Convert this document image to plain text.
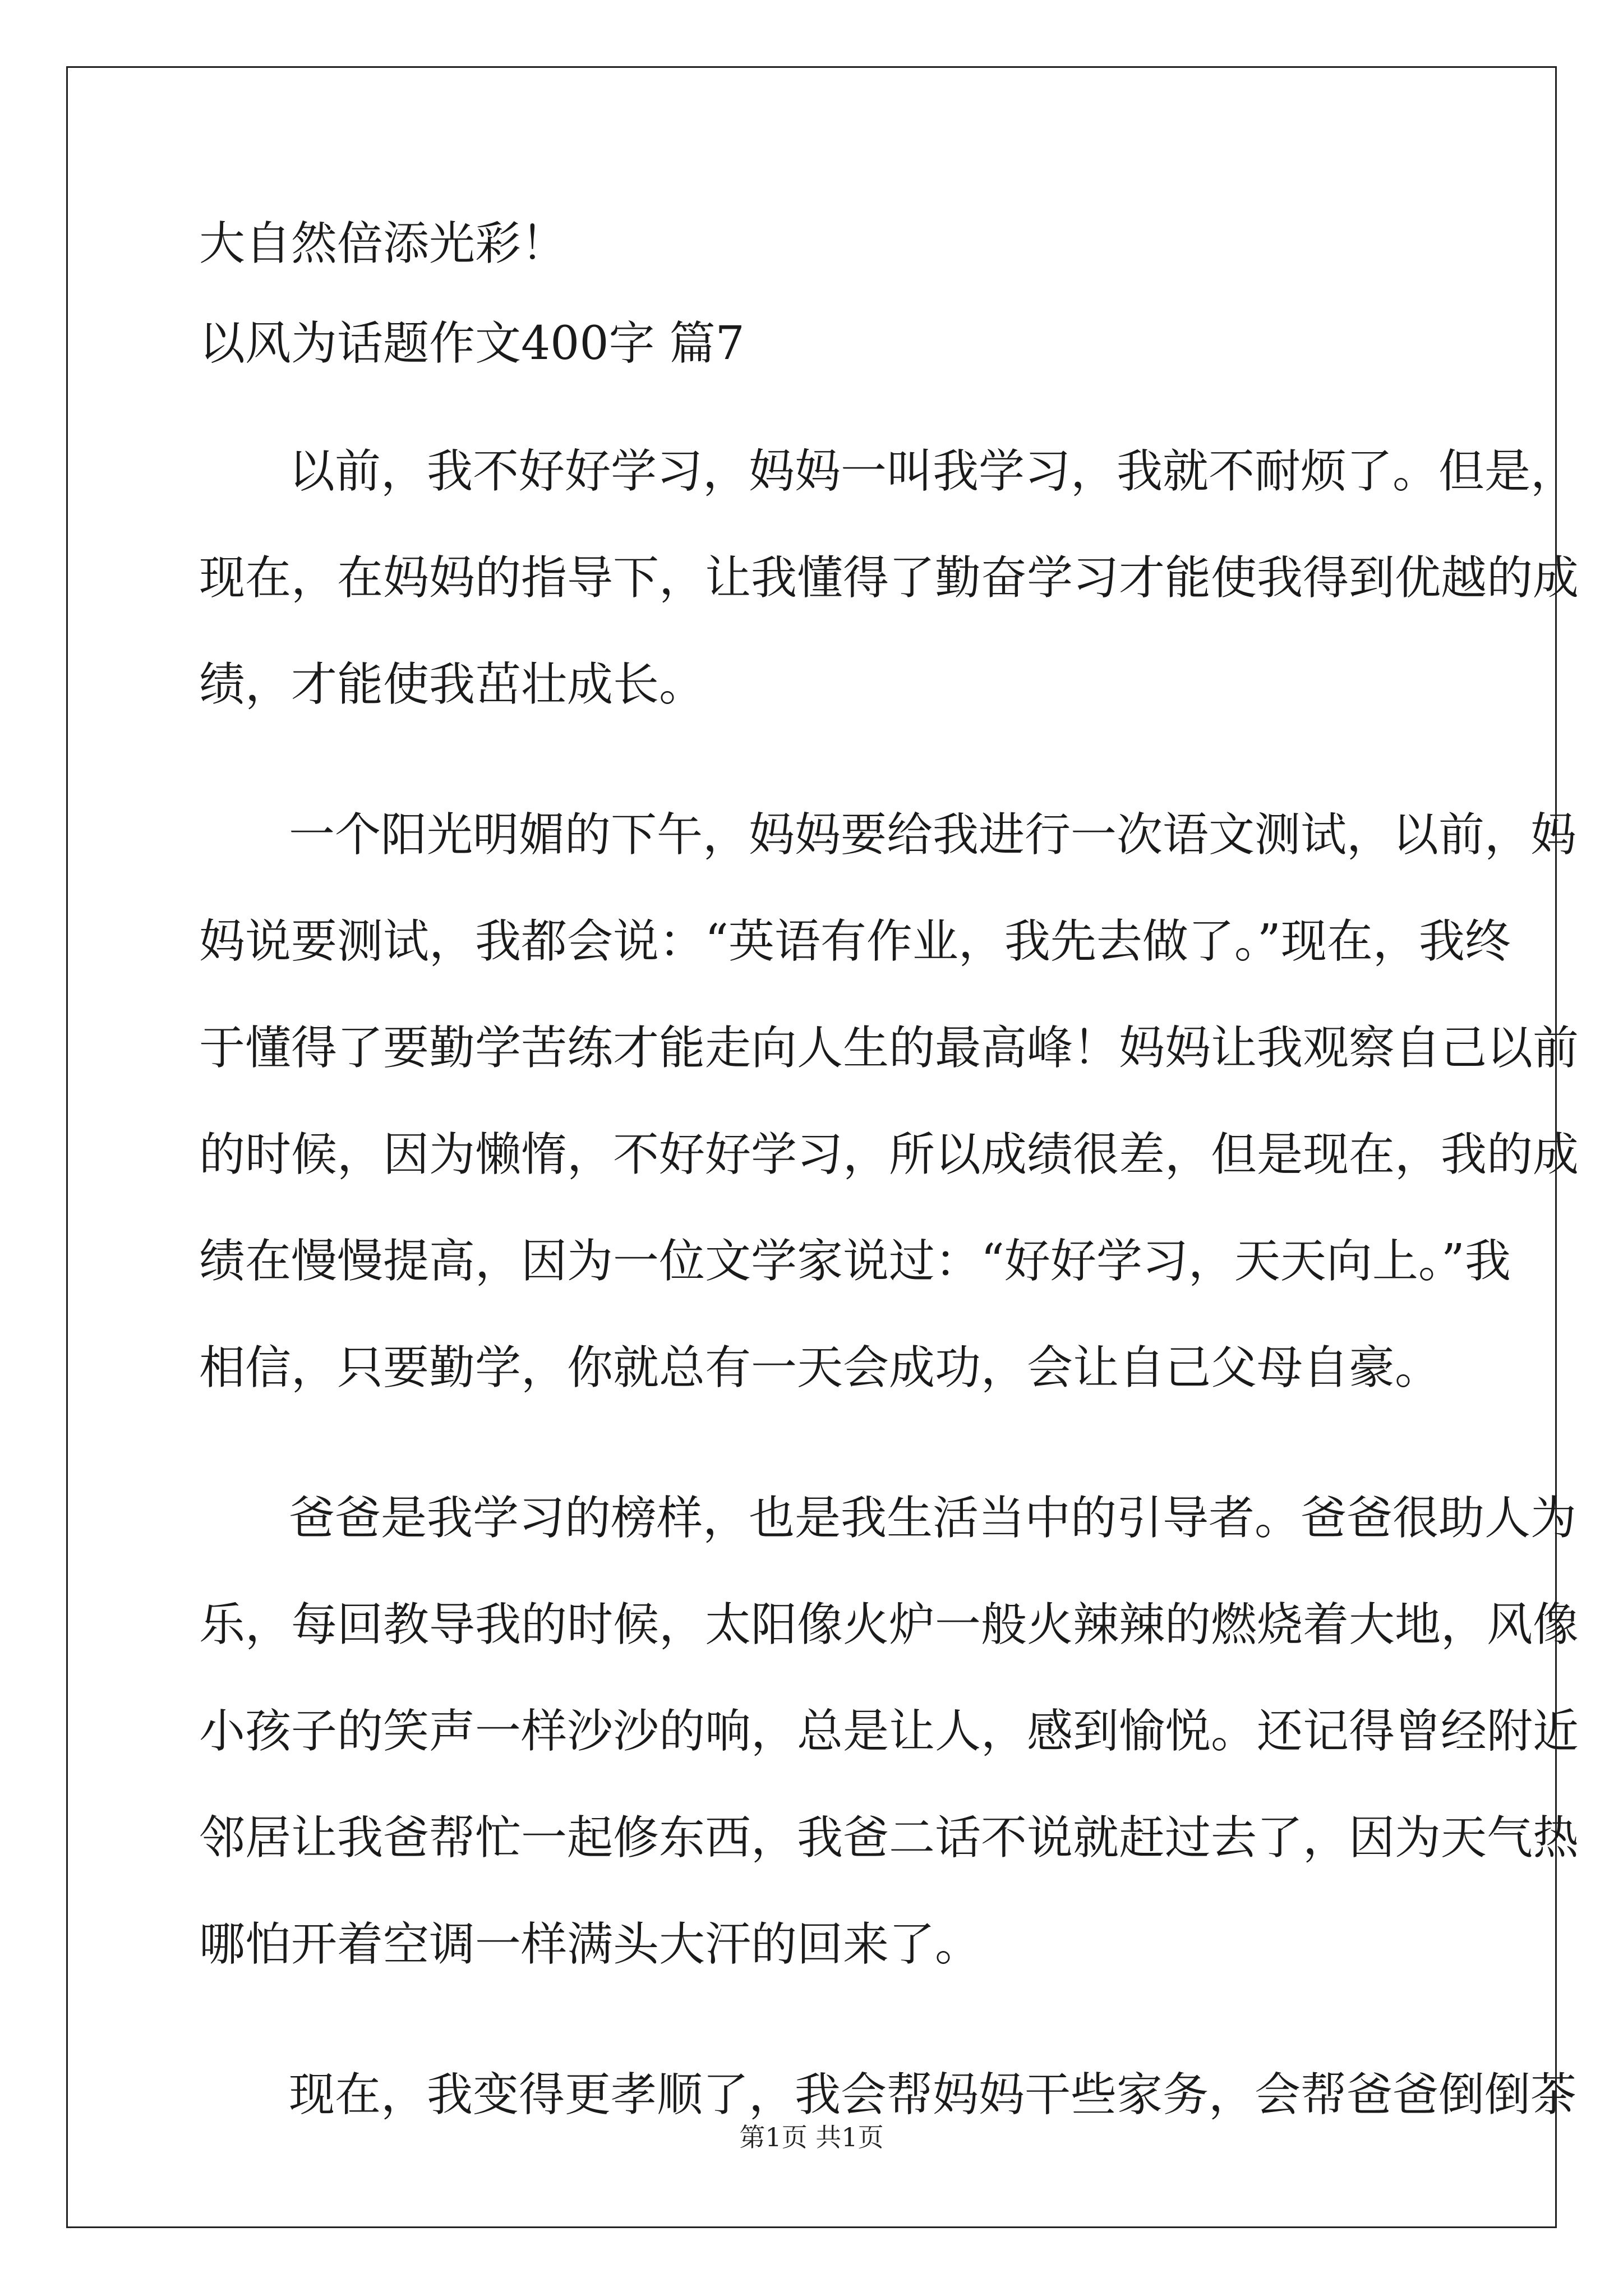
大自然倍添光彩！

以风为话题作文400字 篇7

以前，我不好好学习，妈妈一叫我学习，我就不耐烦了。但是，

现在，在妈妈的指导下，让我懂得了勤奋学习才能使我得到优越的成

绩，才能使我茁壮成长。

一个阳光明媚的下午，妈妈要给我进行一次语文测试，以前，妈

妈说要测试，我都会说：“英语有作业，我先去做了。”现在，我终

于懂得了要勤学苦练才能走向人生的最高峰！妈妈让我观察自己以前

的时候，因为懒惰，不好好学习，所以成绩很差，但是现在，我的成

绩在慢慢提高，因为一位文学家说过：“好好学习，天天向上。”我

相信，只要勤学，你就总有一天会成功，会让自己父母自豪。

爸爸是我学习的榜样，也是我生活当中的引导者。爸爸很助人为

乐，每回教导我的时候，太阳像火炉一般火辣辣的燃烧着大地，风像

小孩子的笑声一样沙沙的响，总是让人，感到愉悦。还记得曾经附近

邻居让我爸帮忙一起修东西，我爸二话不说就赶过去了，因为天气热

哪怕开着空调一样满头大汗的回来了。

现在，我变得更孝顺了，我会帮妈妈干些家务，会帮爸爸倒倒茶

第1页 共1页
